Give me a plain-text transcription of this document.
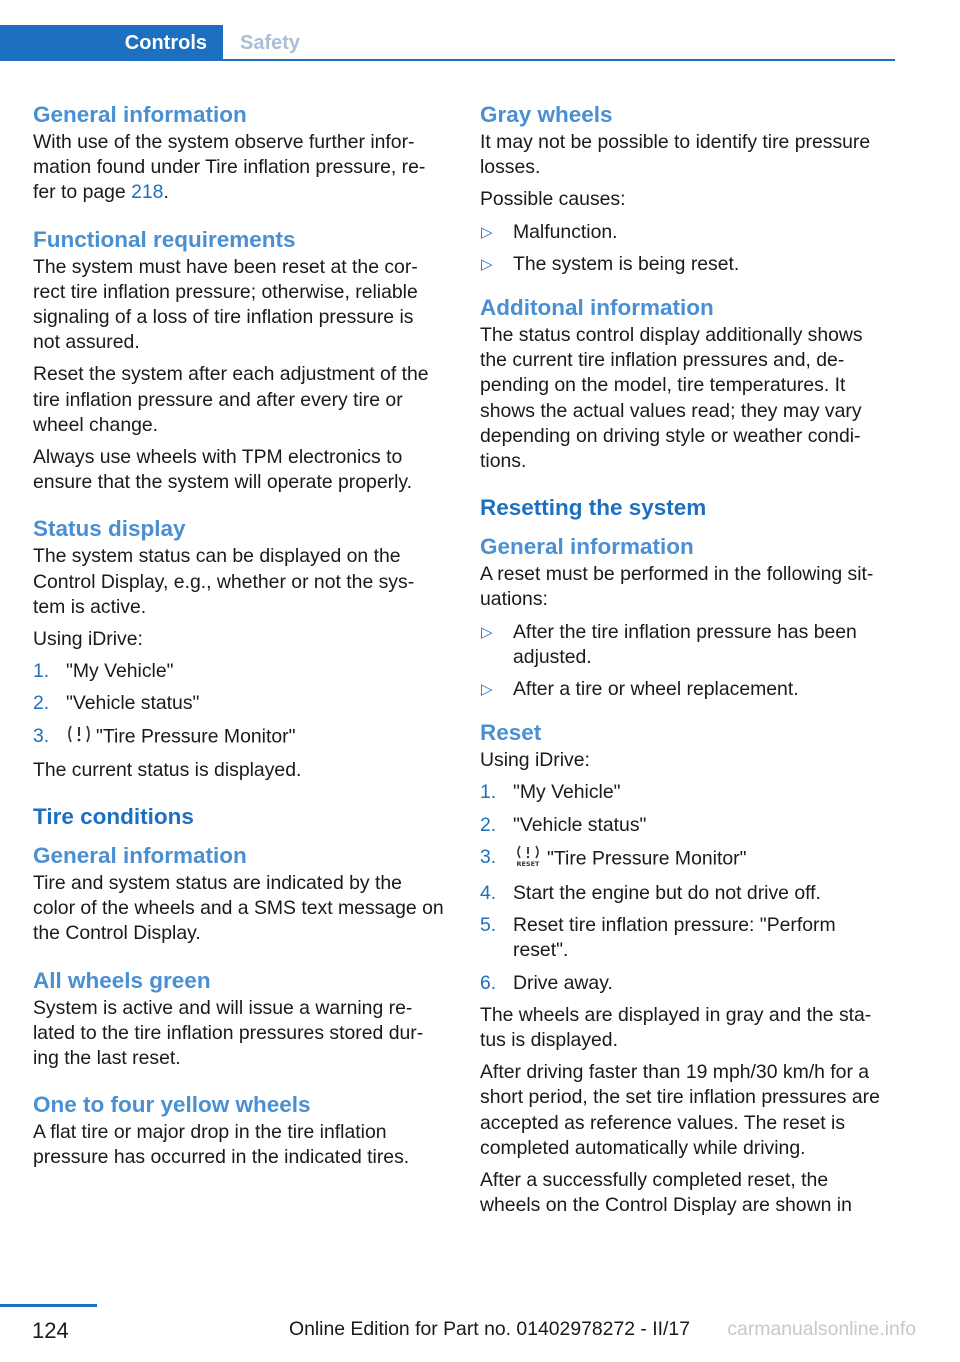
Controls	Safety
General information

With use of the system observe further infor-mation found under Tire inflation pressure, re-fer to page 218.

Functional requirements

The system must have been reset at the cor-rect tire inflation pressure; otherwise, reliable signaling of a loss of tire inflation pressure is not assured.

Reset the system after each adjustment of the tire inflation pressure and after every tire or wheel change.

Always use wheels with TPM electronics to ensure that the system will operate properly.

Status display

The system status can be displayed on the Control Display, e.g., whether or not the sys-tem is active.

Using iDrive:

1. "My Vehicle"
2. "Vehicle status"
3. "Tire Pressure Monitor"

The current status is displayed.

Tire conditions
General information

Tire and system status are indicated by the color of the wheels and a SMS text message on the Control Display.

All wheels green

System is active and will issue a warning re-lated to the tire inflation pressures stored dur-ing the last reset.

One to four yellow wheels

A flat tire or major drop in the tire inflation pressure has occurred in the indicated tires.

Gray wheels

It may not be possible to identify tire pressure losses.

Possible causes:

▷ Malfunction.
▷ The system is being reset.
Additonal information

The status control display additionally shows the current tire inflation pressures and, de-pending on the model, tire temperatures. It shows the actual values read; they may vary depending on driving style or weather condi-tions.

Resetting the system
General information

A reset must be performed in the following sit-uations:

▷ After the tire inflation pressure has been adjusted.
▷ After a tire or wheel replacement.
Reset

Using iDrive:

1. "My Vehicle"
2. "Vehicle status"
3.	RESET "Tire Pressure Monitor"
4. Start the engine but do not drive off.
5. Reset tire inflation pressure: "Perform reset".
6. Drive away.

The wheels are displayed in gray and the sta-tus is displayed.

After driving faster than 19 mph/30 km/h for a short period, the set tire inflation pressures are accepted as reference values. The reset is completed automatically while driving.

After a successfully completed reset, the wheels on the Control Display are shown in

124	Online Edition for Part no. 01402978272 - II/17 carmanualsonline.info
